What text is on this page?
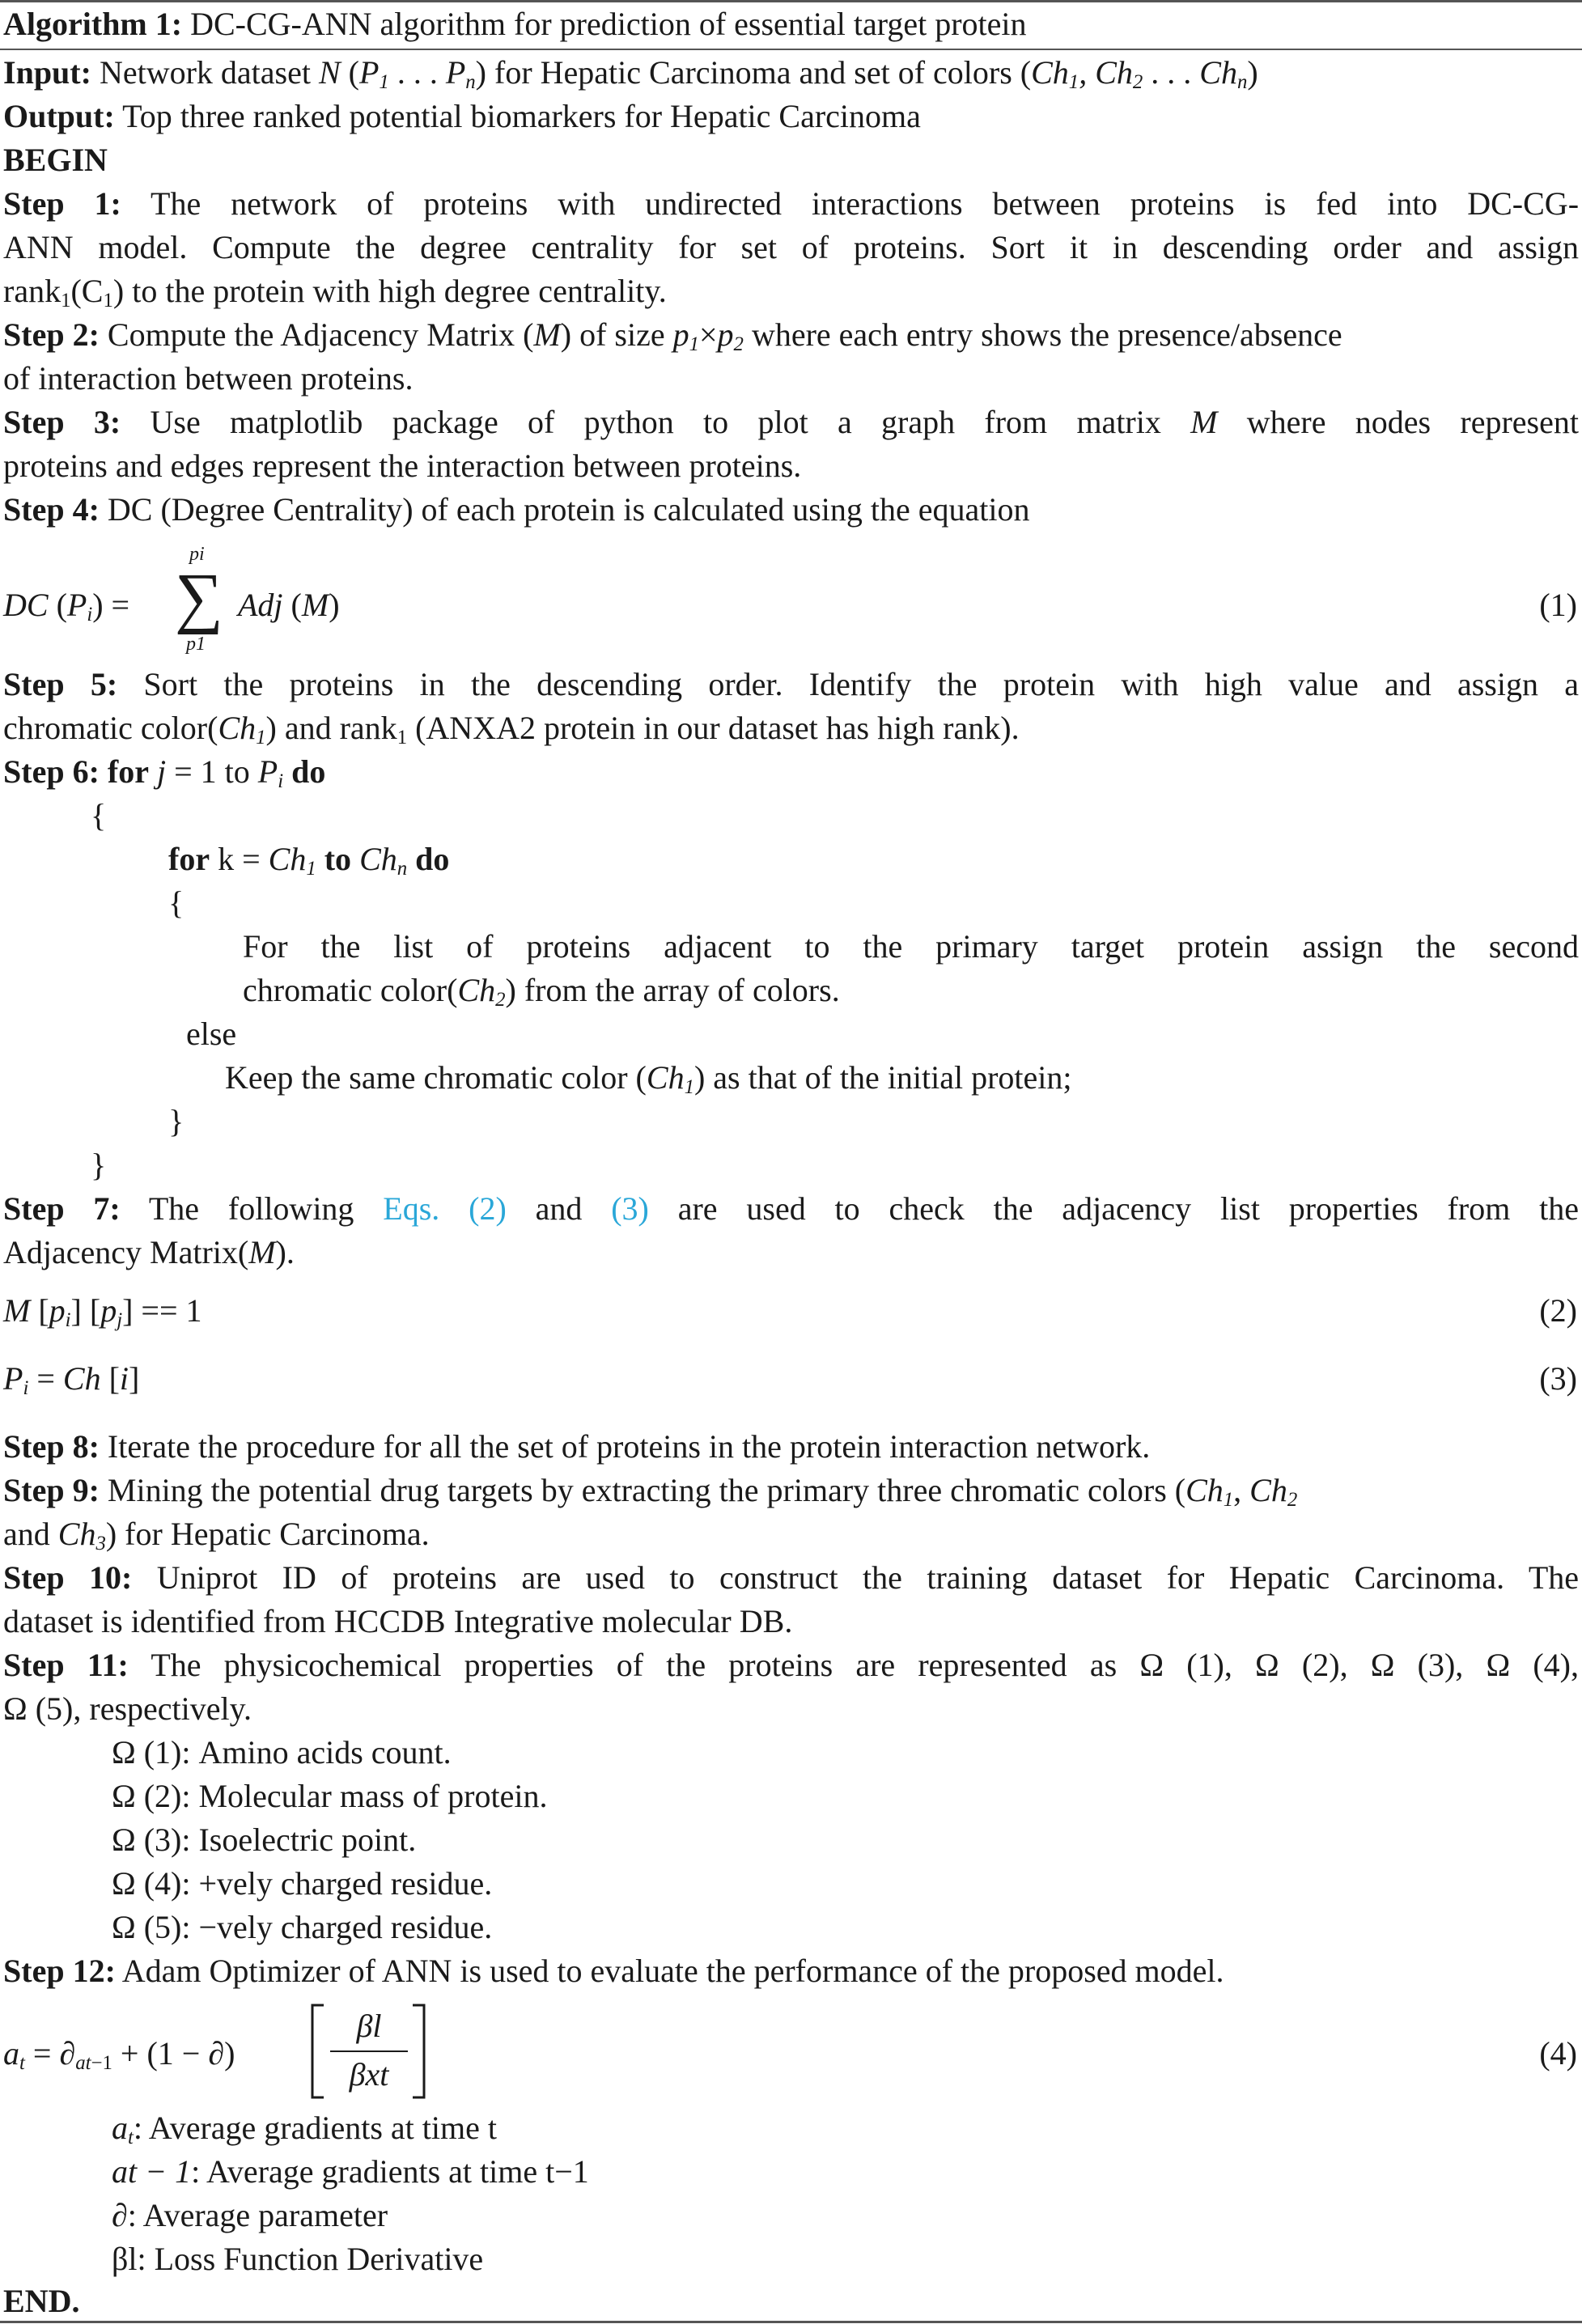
Algorithm 1: DC-CG-ANN algorithm for prediction of essential target protein
Input: Network dataset N ($P_1$ . . . $P_n$) for Hepatic Carcinoma and set of colors ($Ch_1$, $Ch_2$ . . . $Ch_n$)
Output: Top three ranked potential biomarkers for Hepatic Carcinoma
BEGIN
Step 1: The network of proteins with undirected interactions between proteins is fed into DC-CG-
ANN model. Compute the degree centrality for set of proteins. Sort it in descending order and assign
$rank_1(C_1)$ to the protein with high degree centrality.
Step 2: Compute the Adjacency Matrix (M) of size $p_1\times p_2$ where each entry shows the presence/absence
of interaction between proteins.
Step 3: Use matplotlib package of python to plot a graph from matrix M where nodes represent
proteins and edges represent the interaction between proteins.
Step 4: DC (Degree Centrality) of each protein is calculated using the equation
DC $(P_i)$ =
pi
∑
p1
Adj (M)	(1)
Step 5: Sort the proteins in the descending order. Identify the protein with high value and assign a
chromatic $color(Ch_1)$ and rank$_1$ (ANXA2 protein in our dataset has high rank).
Step 6: for j = 1 to $P_i$ do
{
for $k = Ch_1$ to $Ch_n$ do
{
For the list of proteins adjacent to the primary target protein assign the second
chromatic $color(Ch_2)$ from the array of colors.
else
Keep the same chromatic color $(Ch_1)$ as that of the initial protein;
}
}
Step 7: The following Eqs. (2) and (3) are used to check the adjacency list properties from the
Adjacency Matrix(M).
M $[p_i] [p_j] == 1$	(2)
$P_i = Ch$ [i]	(3)
Step 8: Iterate the procedure for all the set of proteins in the protein interaction network.
Step 9: Mining the potential drug targets by extracting the primary three chromatic colors ($Ch_1$, $Ch_2$
and $Ch_3$) for Hepatic Carcinoma.
Step 10: Uniprot ID of proteins are used to construct the training dataset for Hepatic Carcinoma. The
dataset is identified from HCCDB Integrative molecular DB.
Step 11: The physicochemical properties of the proteins are represented as Ω (1), Ω (2), Ω (3), Ω (4),
Ω (5), respectively.
Ω (1): Amino acids count.
Ω (2): Molecular mass of protein.
Ω (3): Isoelectric point.
Ω (4): +vely charged residue.
Ω (5): −vely charged residue.
Step 12: Adam Optimizer of ANN is used to evaluate the performance of the proposed model.
$a_t = \partial_{at-1} + (1$ − ∂)
βl
βxt
(4)
$a_t$: Average gradients at time t
at − 1: Average gradients at time t−1
∂: Average parameter
βl: Loss Function Derivative
END.
